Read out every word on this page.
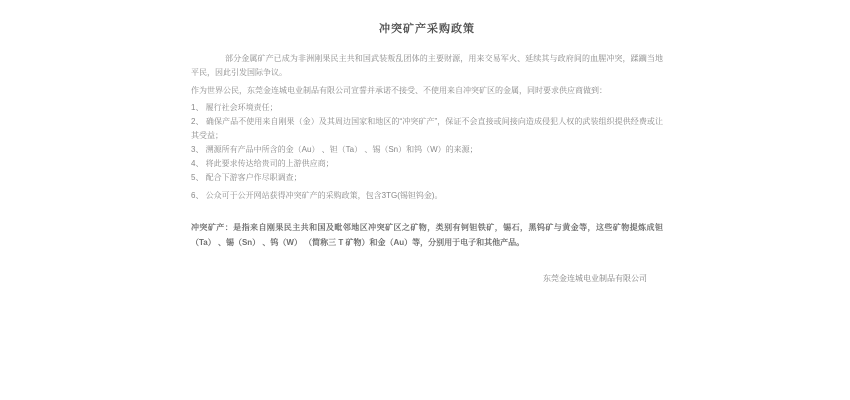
冲突矿产采购政策

部分金属矿产已成为非洲刚果民主共和国武装叛乱团体的主要财源，用来交易军火、延续其与政府间的血腥冲突，蹂躏当地平民，因此引发国际争议。

作为世界公民，东莞金连城电业制品有限公司宣誓并承诺不接受、不使用来自冲突矿区的金属，同时要求供应商做到：

1、 履行社会环境责任；
2、 确保产品不使用来自刚果（金）及其周边国家和地区的“冲突矿产”，保证不会直接或间接向造成侵犯人权的武装组织提供经费或让其受益；
3、 溯源所有产品中所含的金（Au） 、钽（Ta） 、锡（Sn）和钨（W）的来源；
4、 将此要求传达给贵司的上游供应商；
5、 配合下游客户作尽职调查；
6、 公众可于公开网站获得冲突矿产的采购政策，包含3TG(锡钽钨金)。

冲突矿产：是指来自刚果民主共和国及毗邻地区冲突矿区之矿物，类别有钶钽铁矿，锡石，黑钨矿与黄金等，这些矿物提炼成钽（Ta） 、锡（Sn） 、钨（W） （简称三 T 矿物）和金（Au）等，分别用于电子和其他产品。

东莞金连城电业制品有限公司
